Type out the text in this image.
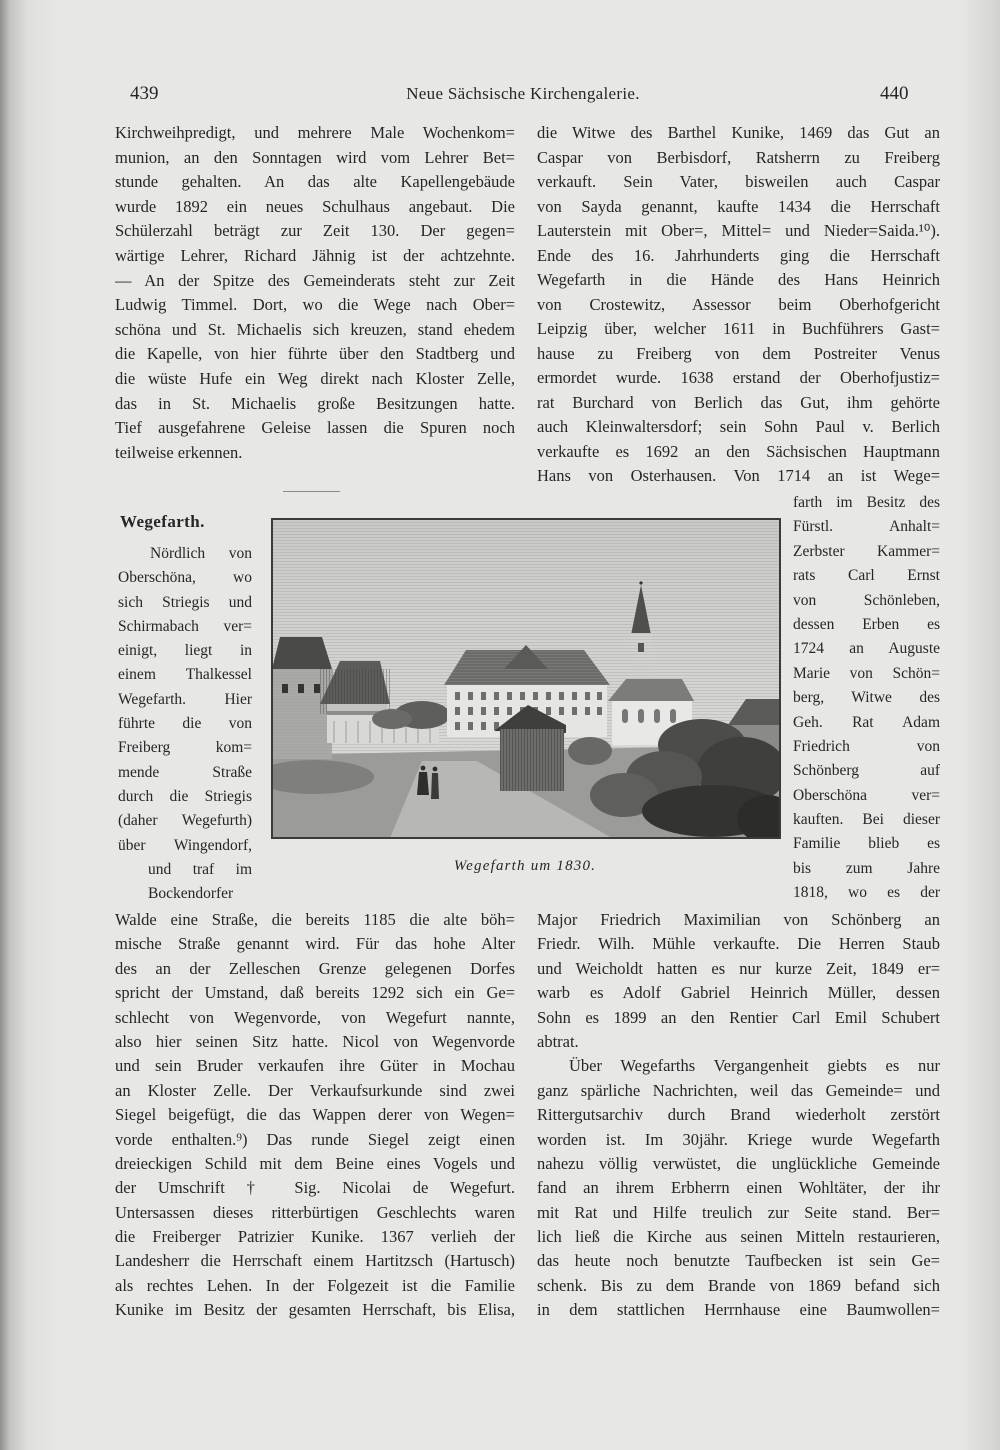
439	Neue Sächsische Kirchengalerie.	440
Kirchweihpredigt, und mehrere Male Wochenkom=
munion, an den Sonntagen wird vom Lehrer Bet=
stunde gehalten. An das alte Kapellengebäude
wurde 1892 ein neues Schulhaus angebaut. Die
Schülerzahl beträgt zur Zeit 130. Der gegen=
wärtige Lehrer, Richard Jähnig ist der achtzehnte.
— An der Spitze des Gemeinderats steht zur Zeit
Ludwig Timmel. Dort, wo die Wege nach Ober=
schöna und St. Michaelis sich kreuzen, stand ehedem
die Kapelle, von hier führte über den Stadtberg und
die wüste Hufe ein Weg direkt nach Kloster Zelle,
das in St. Michaelis große Besitzungen hatte.
Tief ausgefahrene Geleise lassen die Spuren noch
teilweise erkennen.
Wegefarth.
Nördlich von
Oberschöna, wo
sich Striegis und
Schirmabach ver=
einigt, liegt in
einem Thalkessel
Wegefarth. Hier
führte die von
Freiberg kom=
mende Straße
durch die Striegis
(daher Wegefurth)
über Wingendorf,
und traf im
Bockendorfer
Walde eine Straße, die bereits 1185 die alte böh=
mische Straße genannt wird. Für das hohe Alter
des an der Zelleschen Grenze gelegenen Dorfes
spricht der Umstand, daß bereits 1292 sich ein Ge=
schlecht von Wegenvorde, von Wegefurt nannte,
also hier seinen Sitz hatte. Nicol von Wegenvorde
und sein Bruder verkaufen ihre Güter in Mochau
an Kloster Zelle. Der Verkaufsurkunde sind zwei
Siegel beigefügt, die das Wappen derer von Wegen=
vorde enthalten.⁹) Das runde Siegel zeigt einen
dreieckigen Schild mit dem Beine eines Vogels und
der Umschrift † Sig. Nicolai de Wegefurt.
Untersassen dieses ritterbürtigen Geschlechts waren
die Freiberger Patrizier Kunike. 1367 verlieh der
Landesherr die Herrschaft einem Hartitzsch (Hartusch)
als rechtes Lehen. In der Folgezeit ist die Familie
Kunike im Besitz der gesamten Herrschaft, bis Elisa,
die Witwe des Barthel Kunike, 1469 das Gut an
Caspar von Berbisdorf, Ratsherrn zu Freiberg
verkauft. Sein Vater, bisweilen auch Caspar
von Sayda genannt, kaufte 1434 die Herrschaft
Lauterstein mit Ober=, Mittel= und Nieder=Saida.¹⁰).
Ende des 16. Jahrhunderts ging die Herrschaft
Wegefarth in die Hände des Hans Heinrich
von Crostewitz, Assessor beim Oberhofgericht
Leipzig über, welcher 1611 in Buchführers Gast=
hause zu Freiberg von dem Postreiter Venus
ermordet wurde. 1638 erstand der Oberhofjustiz=
rat Burchard von Berlich das Gut, ihm gehörte
auch Kleinwaltersdorf; sein Sohn Paul v. Berlich
verkaufte es 1692 an den Sächsischen Hauptmann
Hans von Osterhausen. Von 1714 an ist Wege=
farth im Besitz des
Fürstl. Anhalt=
Zerbster Kammer=
rats Carl Ernst
von Schönleben,
dessen Erben es
1724 an Auguste
Marie von Schön=
berg, Witwe des
Geh. Rat Adam
Friedrich von
Schönberg auf
Oberschöna ver=
kauften. Bei dieser
Familie blieb es
bis zum Jahre
1818, wo es der
Major Friedrich Maximilian von Schönberg an
Friedr. Wilh. Mühle verkaufte. Die Herren Staub
und Weicholdt hatten es nur kurze Zeit, 1849 er=
warb es Adolf Gabriel Heinrich Müller, dessen
Sohn es 1899 an den Rentier Carl Emil Schubert
abtrat.
Über Wegefarths Vergangenheit giebts es nur
ganz spärliche Nachrichten, weil das Gemeinde= und
Rittergutsarchiv durch Brand wiederholt zerstört
worden ist. Im 30jähr. Kriege wurde Wegefarth
nahezu völlig verwüstet, die unglückliche Gemeinde
fand an ihrem Erbherrn einen Wohltäter, der ihr
mit Rat und Hilfe treulich zur Seite stand. Ber=
lich ließ die Kirche aus seinen Mitteln restaurieren,
das heute noch benutzte Taufbecken ist sein Ge=
schenk. Bis zu dem Brande von 1869 befand sich
in dem stattlichen Herrnhause eine Baumwollen=
Wegefarth um 1830.
